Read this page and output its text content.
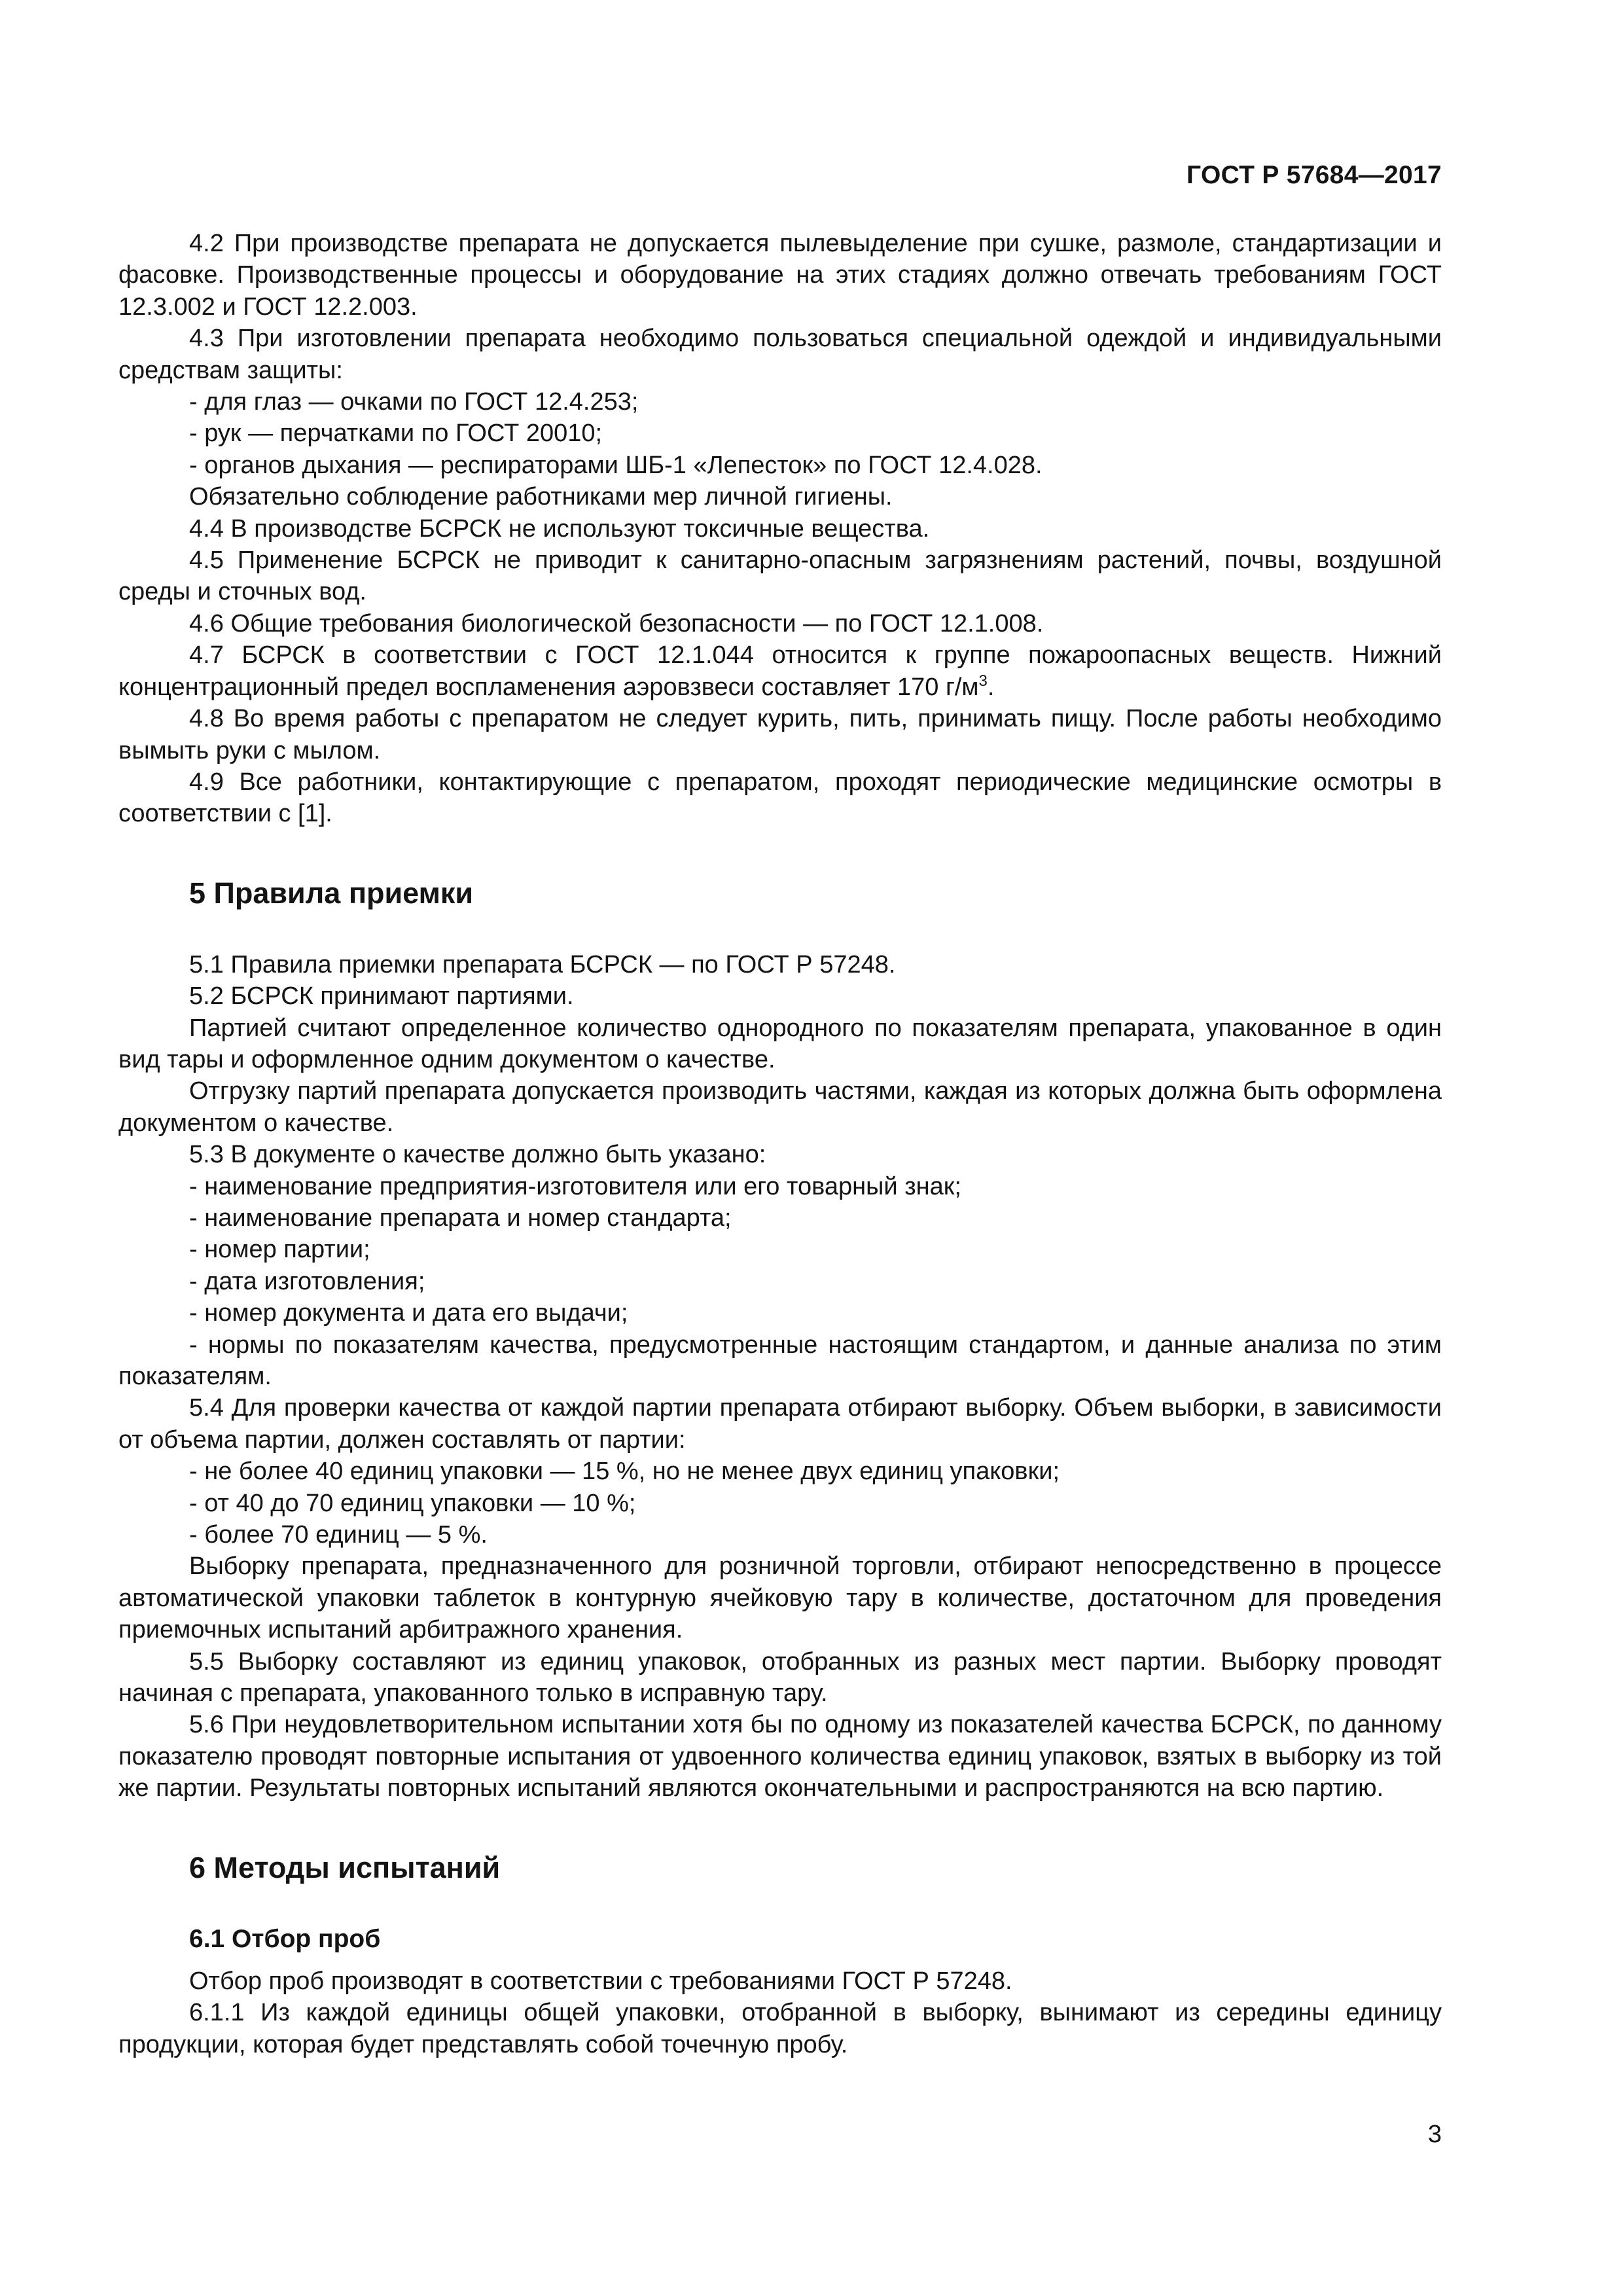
ГОСТ Р 57684—2017

4.2 При производстве препарата не допускается пылевыделение при сушке, размоле, стандартизации и фасовке. Производственные процессы и оборудование на этих стадиях должно отвечать требованиям ГОСТ 12.3.002 и ГОСТ 12.2.003.

4.3 При изготовлении препарата необходимо пользоваться специальной одеждой и индивидуальными средствам защиты:

- для глаз — очками по ГОСТ 12.4.253;

- рук — перчатками по ГОСТ 20010;

- органов дыхания — респираторами ШБ-1 «Лепесток» по ГОСТ 12.4.028.

Обязательно соблюдение работниками мер личной гигиены.

4.4 В производстве БСРСК не используют токсичные вещества.

4.5 Применение БСРСК не приводит к санитарно-опасным загрязнениям растений, почвы, воздушной среды и сточных вод.

4.6 Общие требования биологической безопасности — по ГОСТ 12.1.008.

4.7 БСРСК в соответствии с ГОСТ 12.1.044 относится к группе пожароопасных веществ. Нижний концентрационный предел воспламенения аэровзвеси составляет 170 $г/м^3$.

4.8 Во время работы с препаратом не следует курить, пить, принимать пищу. После работы необходимо вымыть руки с мылом.

4.9 Все работники, контактирующие с препаратом, проходят периодические медицинские осмотры в соответствии с [1].

5 Правила приемки

5.1 Правила приемки препарата БСРСК — по ГОСТ Р 57248.

5.2 БСРСК принимают партиями.

Партией считают определенное количество однородного по показателям препарата, упакованное в один вид тары и оформленное одним документом о качестве.

Отгрузку партий препарата допускается производить частями, каждая из которых должна быть оформлена документом о качестве.

5.3 В документе о качестве должно быть указано:

- наименование предприятия-изготовителя или его товарный знак;

- наименование препарата и номер стандарта;

- номер партии;

- дата изготовления;

- номер документа и дата его выдачи;

- нормы по показателям качества, предусмотренные настоящим стандартом, и данные анализа по этим показателям.

5.4 Для проверки качества от каждой партии препарата отбирают выборку. Объем выборки, в зависимости от объема партии, должен составлять от партии:

- не более 40 единиц упаковки — 15 %, но не менее двух единиц упаковки;

- от 40 до 70 единиц упаковки — 10 %;

- более 70 единиц — 5 %.

Выборку препарата, предназначенного для розничной торговли, отбирают непосредственно в процессе автоматической упаковки таблеток в контурную ячейковую тару в количестве, достаточном для проведения приемочных испытаний арбитражного хранения.

5.5 Выборку составляют из единиц упаковок, отобранных из разных мест партии. Выборку проводят начиная с препарата, упакованного только в исправную тару.

5.6 При неудовлетворительном испытании хотя бы по одному из показателей качества БСРСК, по данному показателю проводят повторные испытания от удвоенного количества единиц упаковок, взятых в выборку из той же партии. Результаты повторных испытаний являются окончательными и распространяются на всю партию.

6 Методы испытаний
6.1 Отбор проб

Отбор проб производят в соответствии с требованиями ГОСТ Р 57248.

6.1.1 Из каждой единицы общей упаковки, отобранной в выборку, вынимают из середины единицу продукции, которая будет представлять собой точечную пробу.

3
